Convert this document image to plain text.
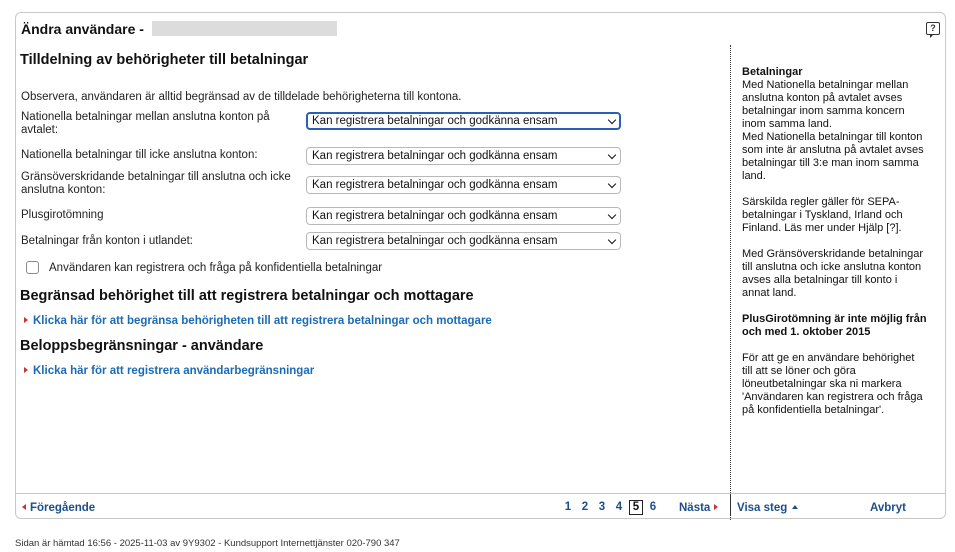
Ändra användare -	?
Tilldelning av behörigheter till betalningar
Observera, användaren är alltid begränsad av de tilldelade behörigheterna till kontona.
Nationella betalningar mellan anslutna konton på avtalet:
Kan registrera betalningar och godkänna ensam
Nationella betalningar till icke anslutna konton:	Kan registrera betalningar och godkänna ensam
Gränsöverskridande betalningar till anslutna och icke anslutna konton:	Kan registrera betalningar och godkänna ensam
Plusgirotömning	Kan registrera betalningar och godkänna ensam
Betalningar från konton i utlandet:	Kan registrera betalningar och godkänna ensam
Användaren kan registrera och fråga på konfidentiella betalningar
Begränsad behörighet till att registrera betalningar och mottagare
Klicka här för att begränsa behörigheten till att registrera betalningar och mottagare
Beloppsbegränsningar - användare
Klicka här för att registrera användarbegränsningar

Betalningar
Med Nationella betalningar mellan anslutna konton på avtalet avses betalningar inom samma koncern inom samma land.
Med Nationella betalningar till konton som inte är anslutna på avtalet avses betalningar till 3:e man inom samma land.

Särskilda regler gäller för SEPA-betalningar i Tyskland, Irland och Finland. Läs mer under Hjälp [?].

Med Gränsöverskridande betalningar till anslutna och icke anslutna konton avses alla betalningar till konto i annat land.

PlusGirotömning är inte möjlig från och med 1. oktober 2015

För att ge en användare behörighet till att se löner och göra löneutbetalningar ska ni markera 'Användaren kan registrera och fråga på konfidentiella betalningar'.

Föregående	1 2 3 4 5 6	Nästa	Visa steg	Avbryt
Sidan är hämtad 16:56 - 2025-11-03 av 9Y9302 - Kundsupport Internettjänster 020-790 347
